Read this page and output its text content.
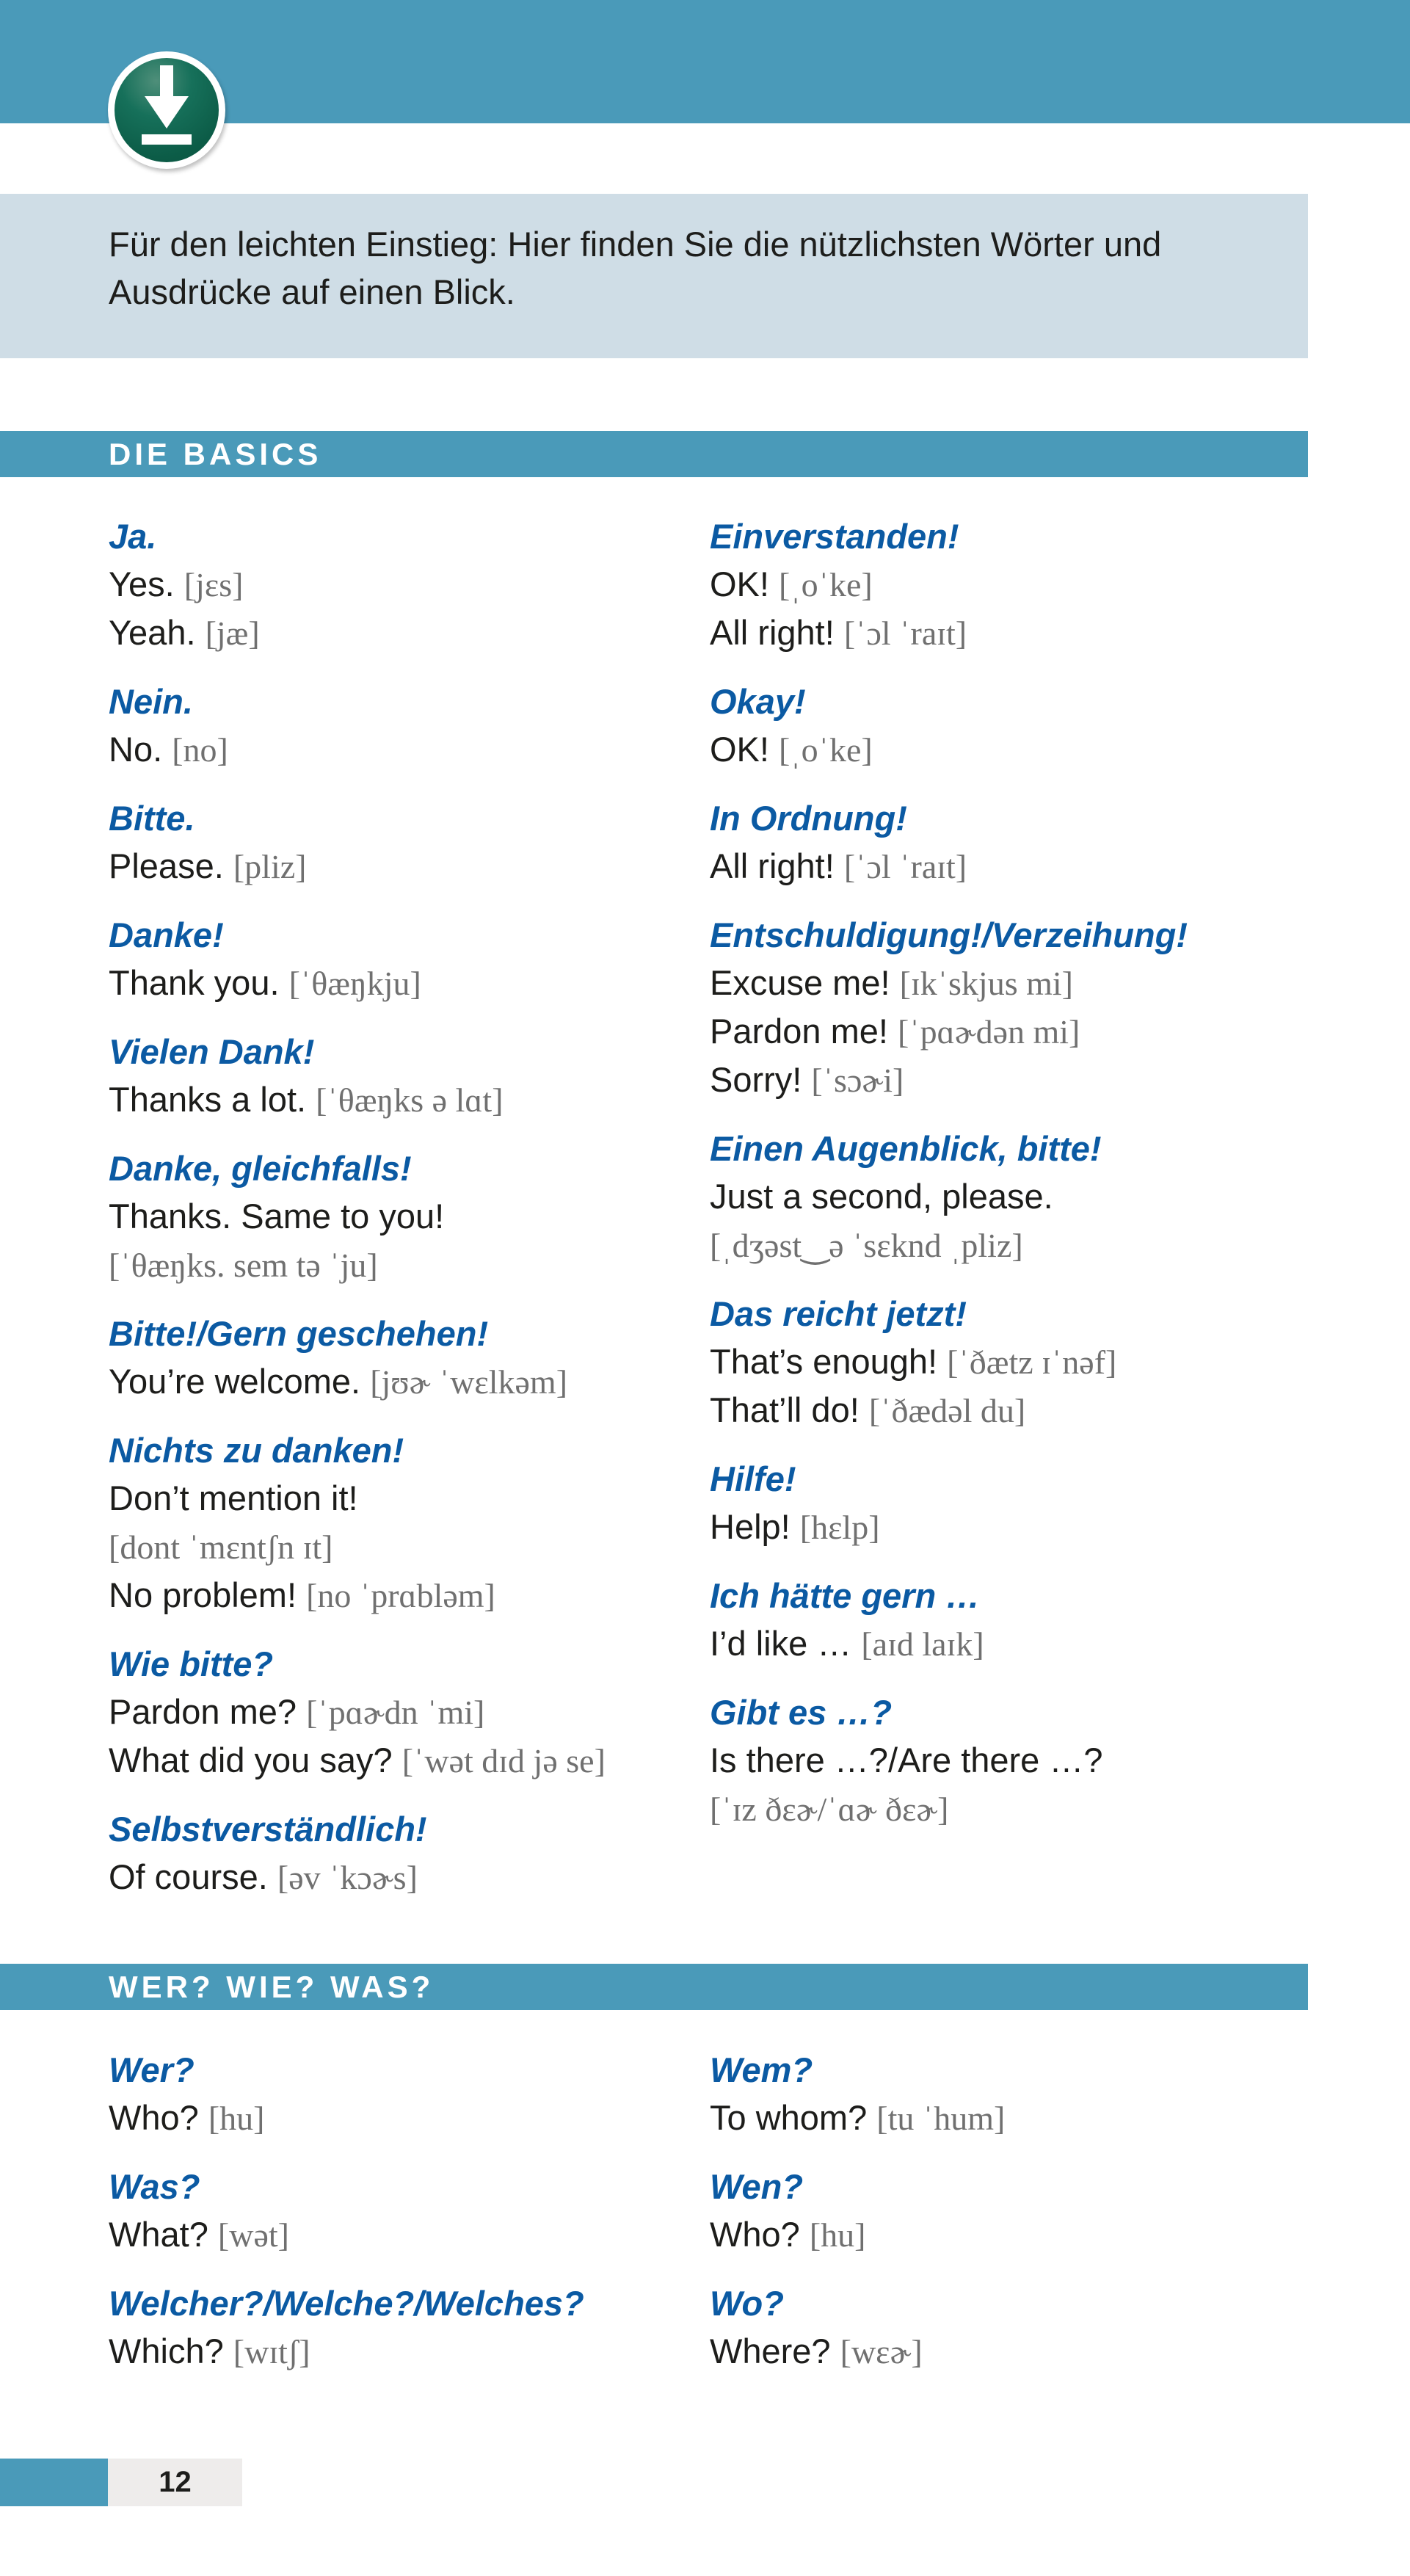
Für den leichten Einstieg: Hier finden Sie die nützlichsten Wörter und Ausdrücke auf einen Blick.

DIE BASICS
Ja.
Yes. [jɛs]
Yeah. [jæ]
Nein.
No. [no]
Bitte.
Please. [pliz]
Danke!
Thank you. [ˈθæŋkju]
Vielen Dank!
Thanks a lot. [ˈθæŋks ə lɑt]
Danke, gleichfalls!
Thanks. Same to you!
[ˈθæŋks. sem tə ˈju]
Bitte!/Gern geschehen!
You’re welcome. [jʊɚ ˈwɛlkəm]
Nichts zu danken!
Don’t mention it!
[dont ˈmɛntʃn ɪt]
No problem! [no ˈprɑbləm]
Wie bitte?
Pardon me? [ˈpɑɚdn ˈmi]
What did you say? [ˈwət dɪd jə se]
Selbstverständlich!
Of course. [əv ˈkɔɚs]
Einverstanden!
OK! [ˌoˈke]
All right! [ˈɔl ˈraɪt]
Okay!
OK! [ˌoˈke]
In Ordnung!
All right! [ˈɔl ˈraɪt]
Entschuldigung!/Verzeihung!
Excuse me! [ɪkˈskjus mi]
Pardon me! [ˈpɑɚdən mi]
Sorry! [ˈsɔɚi]
Einen Augenblick, bitte!
Just a second, please.
[ˌdʒəst‿ə ˈsɛknd ˌpliz]
Das reicht jetzt!
That’s enough! [ˈðætz ɪˈnəf]
That’ll do! [ˈðædəl du]
Hilfe!
Help! [hɛlp]
Ich hätte gern …
I’d like … [aɪd laɪk]
Gibt es …?
Is there …?/Are there …?
[ˈɪz ðɛɚ/ˈɑɚ ðɛɚ]
WER? WIE? WAS?
Wer?
Who? [hu]
Was?
What? [wət]
Welcher?/Welche?/Welches?
Which? [wɪtʃ]
Wem?
To whom? [tu ˈhum]
Wen?
Who? [hu]
Wo?
Where? [wɛɚ]
12
